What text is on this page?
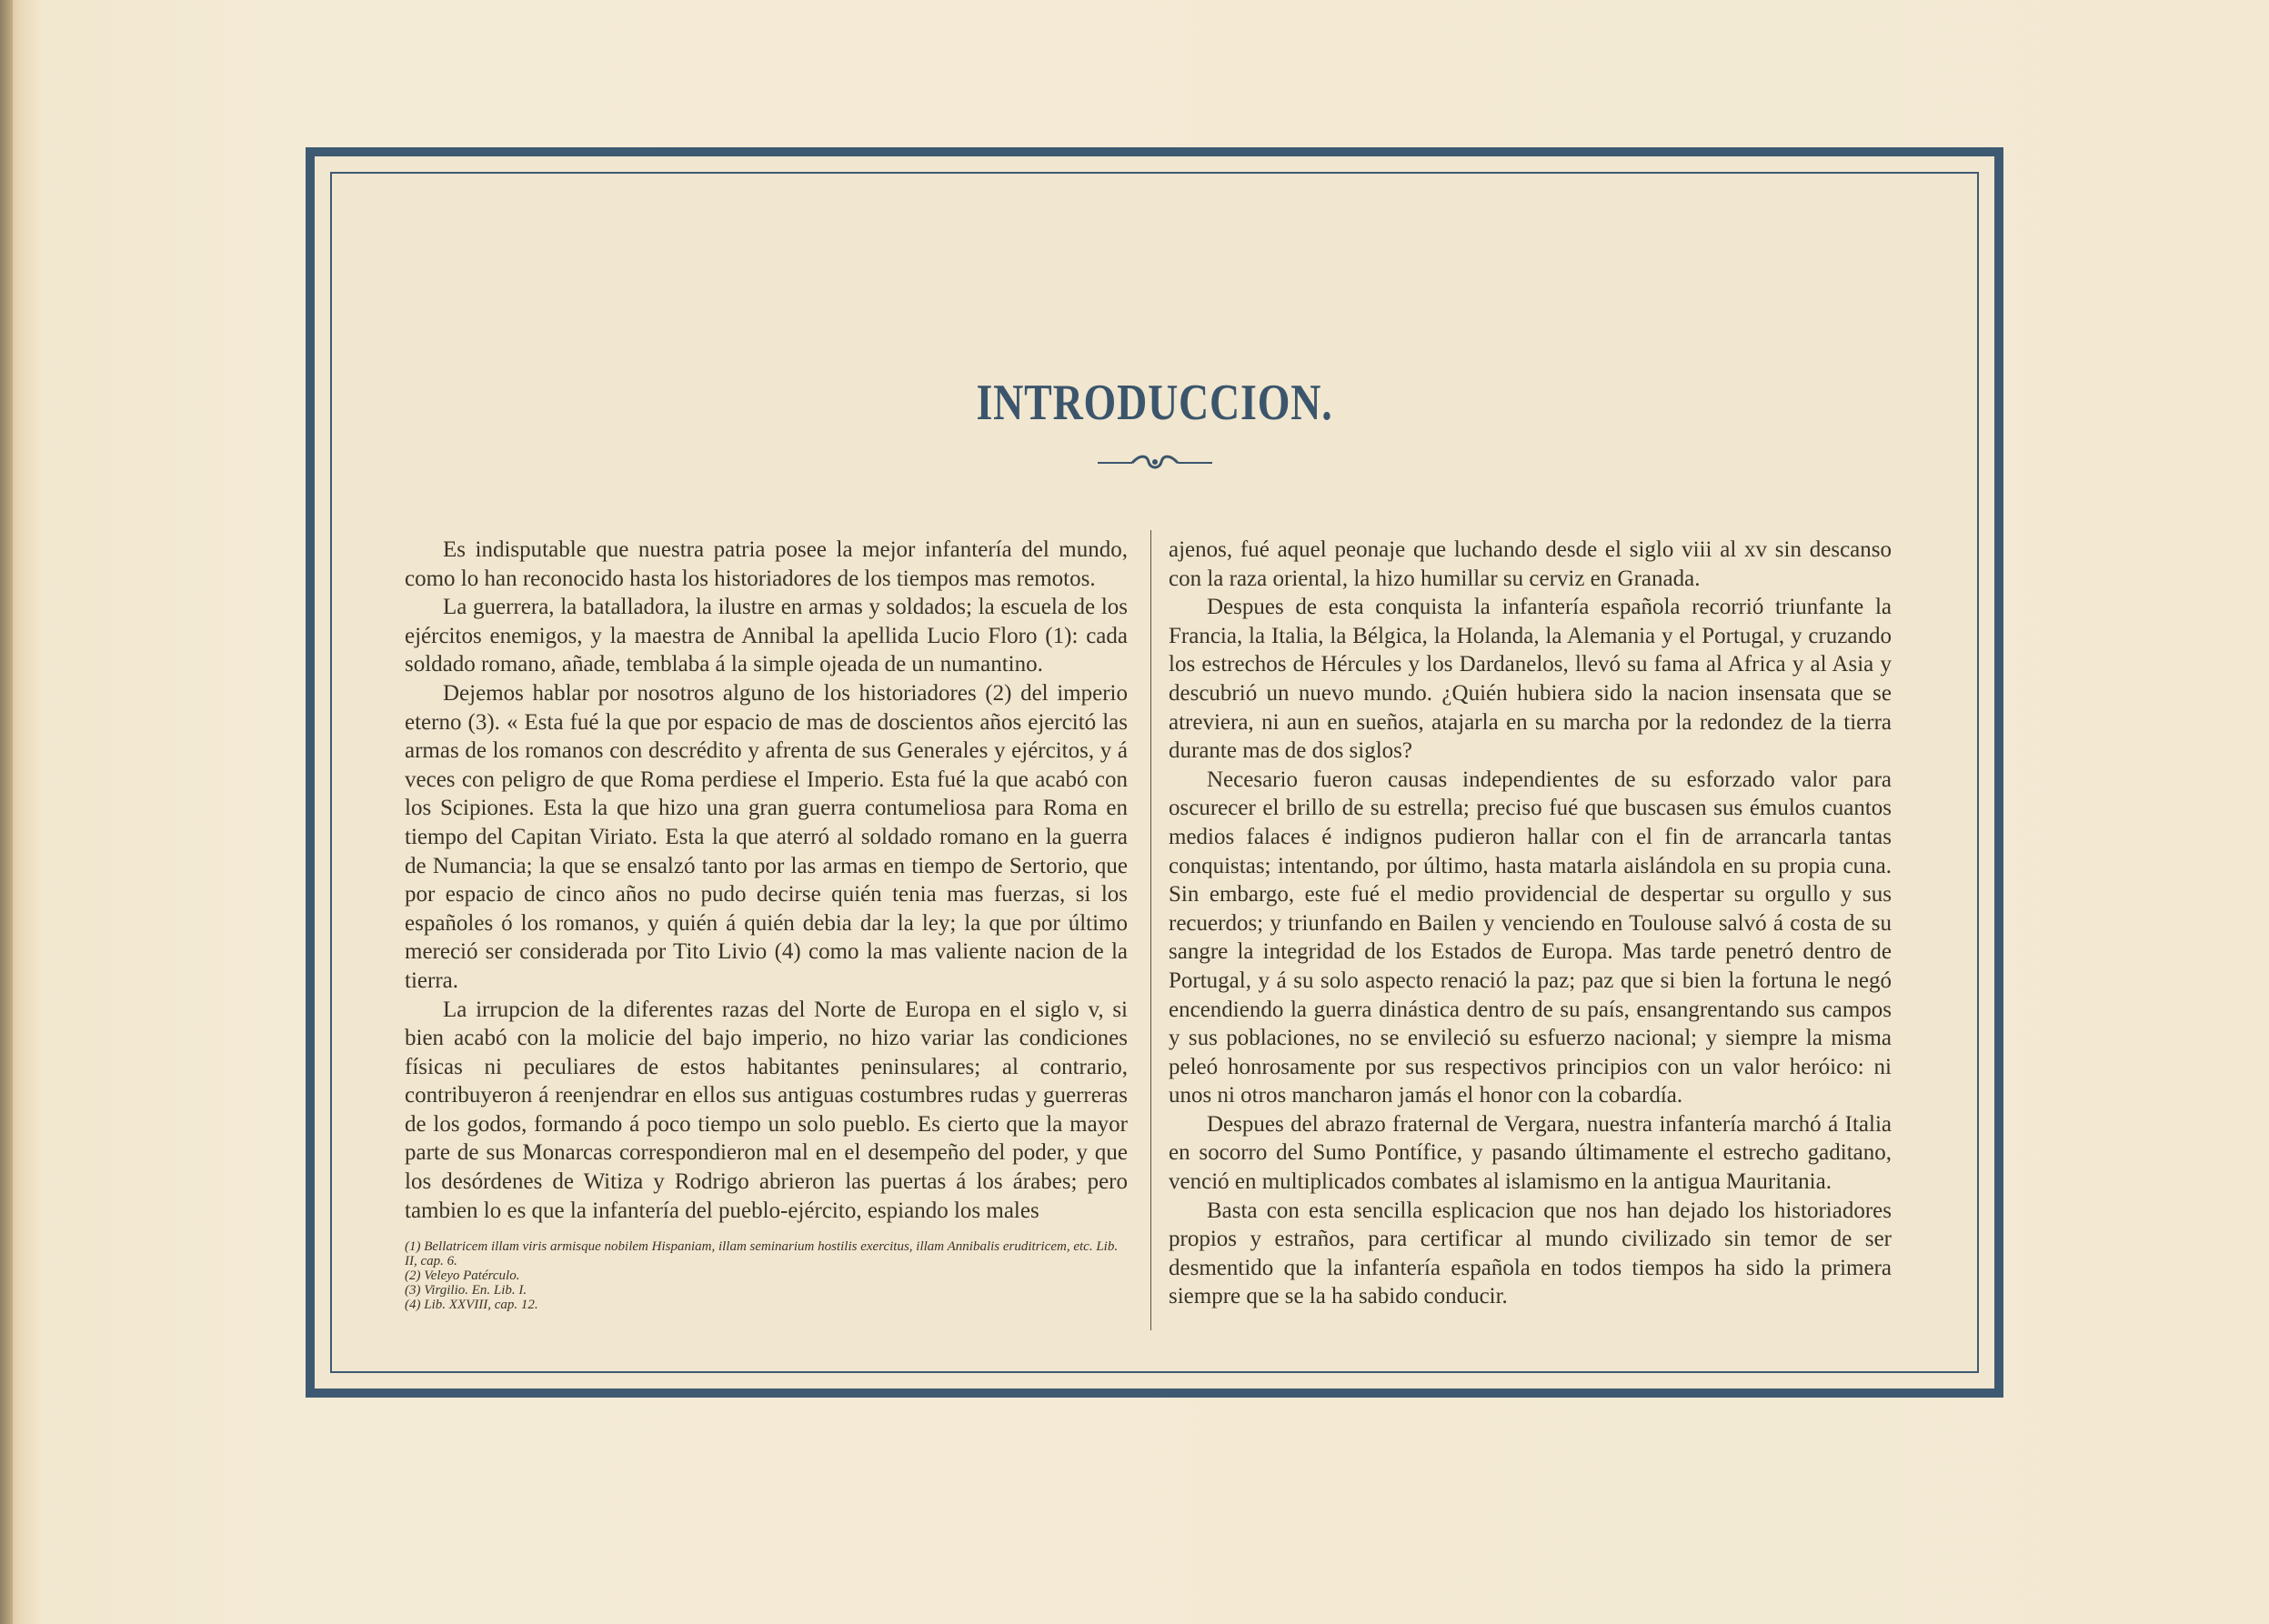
INTRODUCCION.

Es indisputable que nuestra patria posee la mejor infantería del mundo, como lo han reconocido hasta los historiadores de los tiempos mas remotos.

La guerrera, la batalladora, la ilustre en armas y soldados; la escuela de los ejércitos enemigos, y la maestra de Annibal la apellida Lucio Floro (1): cada soldado romano, añade, temblaba á la simple ojeada de un numantino.

Dejemos hablar por nosotros alguno de los historiadores (2) del imperio eterno (3). « Esta fué la que por espacio de mas de doscientos años ejercitó las armas de los romanos con descrédito y afrenta de sus Generales y ejércitos, y á veces con peligro de que Roma perdiese el Imperio. Esta fué la que acabó con los Scipiones. Esta la que hizo una gran guerra contumeliosa para Roma en tiempo del Capitan Viriato. Esta la que aterró al soldado romano en la guerra de Numancia; la que se ensalzó tanto por las armas en tiempo de Sertorio, que por espacio de cinco años no pudo decirse quién tenia mas fuerzas, si los españoles ó los romanos, y quién á quién debia dar la ley; la que por último mereció ser considerada por Tito Livio (4) como la mas valiente nacion de la tierra.

La irrupcion de la diferentes razas del Norte de Europa en el siglo v, si bien acabó con la molicie del bajo imperio, no hizo variar las condiciones físicas ni peculiares de estos habitantes peninsulares; al contrario, contribuyeron á reenjendrar en ellos sus antiguas costumbres rudas y guerreras de los godos, formando á poco tiempo un solo pueblo. Es cierto que la mayor parte de sus Monarcas correspondieron mal en el desempeño del poder, y que los desórdenes de Witiza y Rodrigo abrieron las puertas á los árabes; pero tambien lo es que la infantería del pueblo-ejército, espiando los males

ajenos, fué aquel peonaje que luchando desde el siglo viii al xv sin descanso con la raza oriental, la hizo humillar su cerviz en Granada.

Despues de esta conquista la infantería española recorrió triunfante la Francia, la Italia, la Bélgica, la Holanda, la Alemania y el Portugal, y cruzando los estrechos de Hércules y los Dardanelos, llevó su fama al Africa y al Asia y descubrió un nuevo mundo. ¿Quién hubiera sido la nacion insensata que se atreviera, ni aun en sueños, atajarla en su marcha por la redondez de la tierra durante mas de dos siglos?

Necesario fueron causas independientes de su esforzado valor para oscurecer el brillo de su estrella; preciso fué que buscasen sus émulos cuantos medios falaces é indignos pudieron hallar con el fin de arrancarla tantas conquistas; intentando, por último, hasta matarla aislándola en su propia cuna. Sin embargo, este fué el medio providencial de despertar su orgullo y sus recuerdos; y triunfando en Bailen y venciendo en Toulouse salvó á costa de su sangre la integridad de los Estados de Europa. Mas tarde penetró dentro de Portugal, y á su solo aspecto renació la paz; paz que si bien la fortuna le negó encendiendo la guerra dinástica dentro de su país, ensangrentando sus campos y sus poblaciones, no se envileció su esfuerzo nacional; y siempre la misma peleó honrosamente por sus respectivos principios con un valor heróico: ni unos ni otros mancharon jamás el honor con la cobardía.

Despues del abrazo fraternal de Vergara, nuestra infantería marchó á Italia en socorro del Sumo Pontífice, y pasando últimamente el estrecho gaditano, venció en multiplicados combates al islamismo en la antigua Mauritania.

Basta con esta sencilla esplicacion que nos han dejado los historiadores propios y estraños, para certificar al mundo civilizado sin temor de ser desmentido que la infantería española en todos tiempos ha sido la primera siempre que se la ha sabido conducir.

(1) Bellatricem illam viris armisque nobilem Hispaniam, illam seminarium hostilis exercitus, illam Annibalis eruditricem, etc. Lib. II, cap. 6.
(2) Veleyo Patérculo.
(3) Virgilio. En. Lib. I.
(4) Lib. XXVIII, cap. 12.
